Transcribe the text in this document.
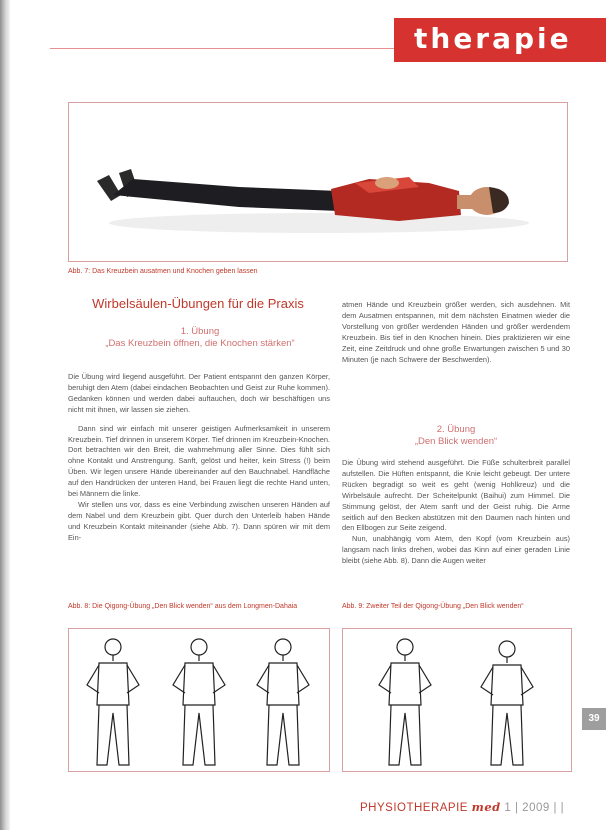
therapie
Abb. 7: Das Kreuzbein ausatmen und Knochen geben lassen
Wirbelsäulen-Übungen für die Praxis
1. Übung
„Das Kreuzbein öffnen, die Knochen stärken“

Die Übung wird liegend ausgeführt. Der Patient entspannt den ganzen Körper, beruhigt den Atem (dabei eindachen Beobachten und Geist zur Ruhe kommen). Gedanken können und werden dabei auftauchen, doch wir beschäftigen uns nicht mit ihnen, wir lassen sie ziehen.

Dann sind wir einfach mit unserer geistigen Aufmerksamkeit in unserem Kreuzbein. Tief drinnen in unserem Körper. Tief drinnen im Kreuzbein-Knochen. Dort betrachten wir den Breit, die wahrnehmung aller Sinne. Dies fühlt sich ohne Kontakt und Anstrengung. Sanft, gelöst und heiter, kein Stress (!) beim Üben. Wir legen unsere Hände übereinander auf den Bauchnabel. Handfläche auf den Handrücken der unteren Hand, bei Frauen liegt die rechte Hand unten, bei Männern die linke.

Wir stellen uns vor, dass es eine Verbindung zwischen unseren Händen auf dem Nabel und dem Kreuzbein gibt. Quer durch den Unterleib haben Hände und Kreuzbein Kontakt miteinander (siehe Abb. 7). Dann spüren wir mit dem Ein-

atmen Hände und Kreuzbein größer werden, sich ausdehnen. Mit dem Ausatmen entspannen, mit dem nächsten Einatmen wieder die Vorstellung von größer werdenden Händen und größer werdendem Kreuzbein. Bis tief in den Knochen hinein. Dies praktizieren wir eine Zeit, eine Zeitdruck und ohne große Erwartungen zwischen 5 und 30 Minuten (je nach Schwere der Beschwerden).

2. Übung
„Den Blick wenden“

Die Übung wird stehend ausgeführt. Die Füße schulterbreit parallel aufstellen. Die Hüften entspannt, die Knie leicht gebeugt. Der untere Rücken begradigt so weit es geht (wenig Hohlkreuz) und die Wirbelsäule aufrecht. Der Scheitelpunkt (Baihui) zum Himmel. Die Stimmung gelöst, der Atem sanft und der Geist ruhig. Die Arme seitlich auf den Becken abstützen mit den Daumen nach hinten und den Ellbogen zur Seite zeigend.

Nun, unabhängig vom Atem, den Kopf (vom Kreuzbein aus) langsam nach links drehen, wobei das Kinn auf einer geraden Linie bleibt (siehe Abb. 8). Dann die Augen weiter

Abb. 8: Die Qigong-Übung „Den Blick wenden“ aus dem Longmen-Dahaia	Abb. 9: Zweiter Teil der Qigong-Übung „Den Blick wenden“
39
PHYSIOTHERAPIE med 1 | 2009 | |
